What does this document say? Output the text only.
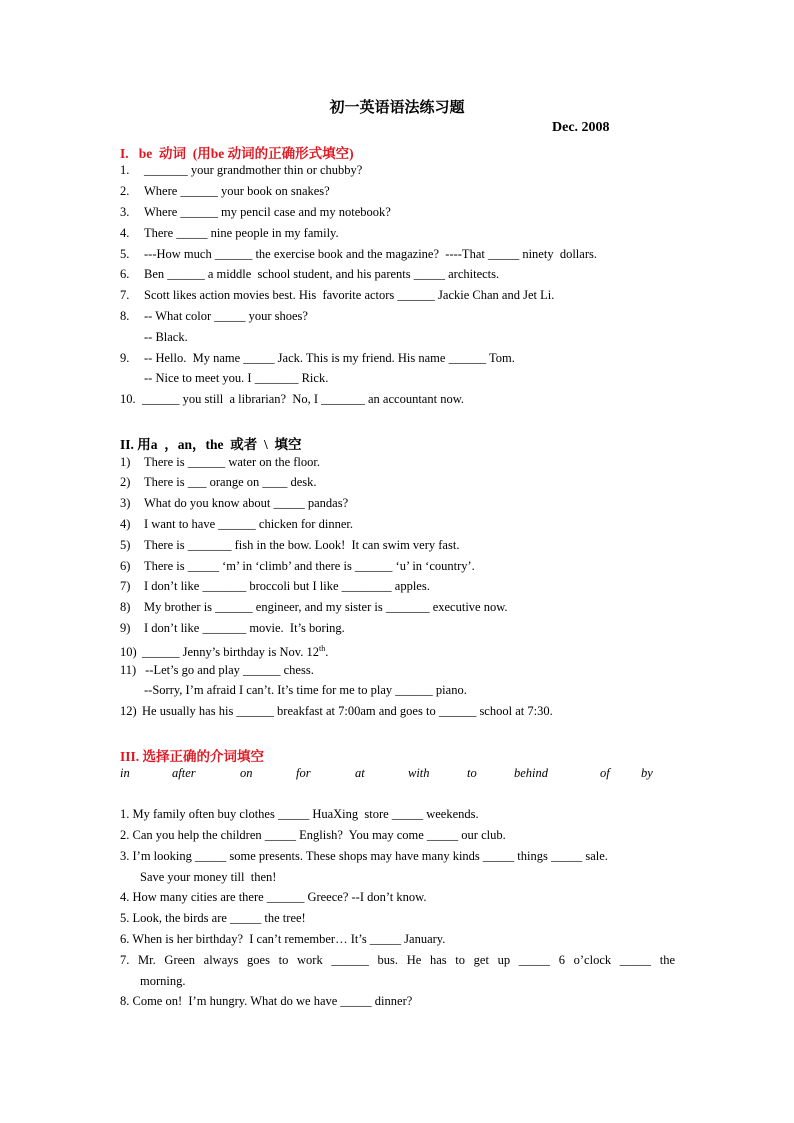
初一英语语法练习题
Dec. 2008
I.   be  动词  (用be 动词的正确形式填空)
1. _______ your grandmother thin or chubby?
2. Where ______ your book on snakes?
3. Where ______ my pencil case and my notebook?
4. There _____ nine people in my family.
5. ---How much ______ the exercise book and the magazine?  ----That _____ ninety  dollars.
6. Ben ______ a middle  school student, and his parents _____ architects.
7. Scott likes action movies best. His  favorite actors ______ Jackie Chan and Jet Li.
8. -- What color _____ your shoes?
-- Black.
9. -- Hello.  My name _____ Jack. This is my friend. His name ______ Tom.
-- Nice to meet you. I _______ Rick.
10. ______ you still  a librarian?  No, I _______ an accountant now.
II. 用a  ，an，the  或者  \  填空
1) There is ______ water on the floor.
2) There is ___ orange on ____ desk.
3) What do you know about _____ pandas?
4) I want to have ______ chicken for dinner.
5) There is _______ fish in the bow. Look!  It can swim very fast.
6) There is _____ ‘m’ in ‘climb’ and there is ______ ‘u’ in ‘country’.
7) I don’t like _______ broccoli but I like ________ apples.
8) My brother is ______ engineer, and my sister is _______ executive now.
9) I don’t like _______ movie.  It’s boring.
10) ______ Jenny’s birthday is Nov. 12th.
11) --Let’s go and play ______ chess.
--Sorry, I’m afraid I can’t. It’s time for me to play ______ piano.
12) He usually has his ______ breakfast at 7:00am and goes to ______ school at 7:30.
III. 选择正确的介词填空
in	after	on	for	at	with	to	behind	of	by
1. My family often buy clothes _____ HuaXing  store _____ weekends.
2. Can you help the children _____ English?  You may come _____ our club.
3. I’m looking _____ some presents. These shops may have many kinds _____ things _____ sale.
Save your money till  then!
4. How many cities are there ______ Greece? --I don’t know.
5. Look, the birds are _____ the tree!
6. When is her birthday?  I can’t remember… It’s _____ January.
7. Mr. Green always goes to work ______ bus. He has to get up _____ 6 o’clock _____ the
morning.
8. Come on!  I’m hungry. What do we have _____ dinner?
